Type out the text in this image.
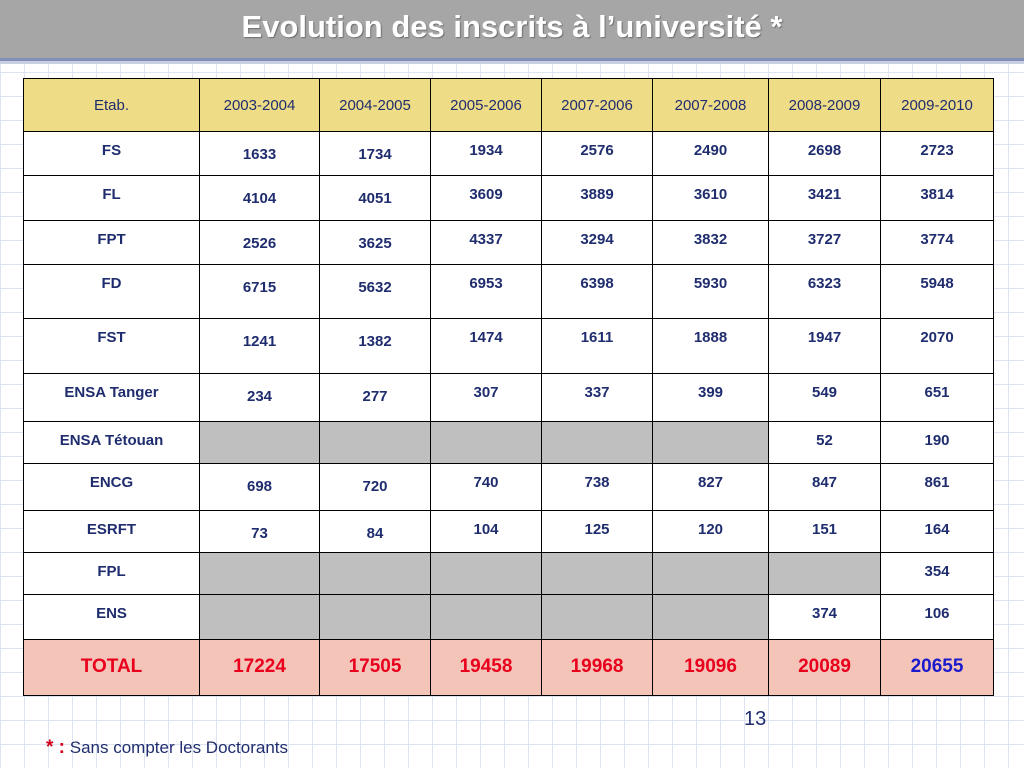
Evolution des inscrits à l’université *
Etab.	2003-2004	2004-2005	2005-2006	2007-2006	2007-2008	2008-2009	2009-2010
FS	1633	1734	1934	2576	2490	2698	2723
FL	4104	4051	3609	3889	3610	3421	3814
FPT	2526	3625	4337	3294	3832	3727	3774
FD	6715	5632	6953	6398	5930	6323	5948
FST	1241	1382	1474	1611	1888	1947	2070
ENSA Tanger	234	277	307	337	399	549	651
ENSA Tétouan						52	190
ENCG	698	720	740	738	827	847	861
ESRFT	73	84	104	125	120	151	164
FPL							354
ENS						374	106
TOTAL	17224	17505	19458	19968	19096	20089	20655
13
* : Sans compter les Doctorants
